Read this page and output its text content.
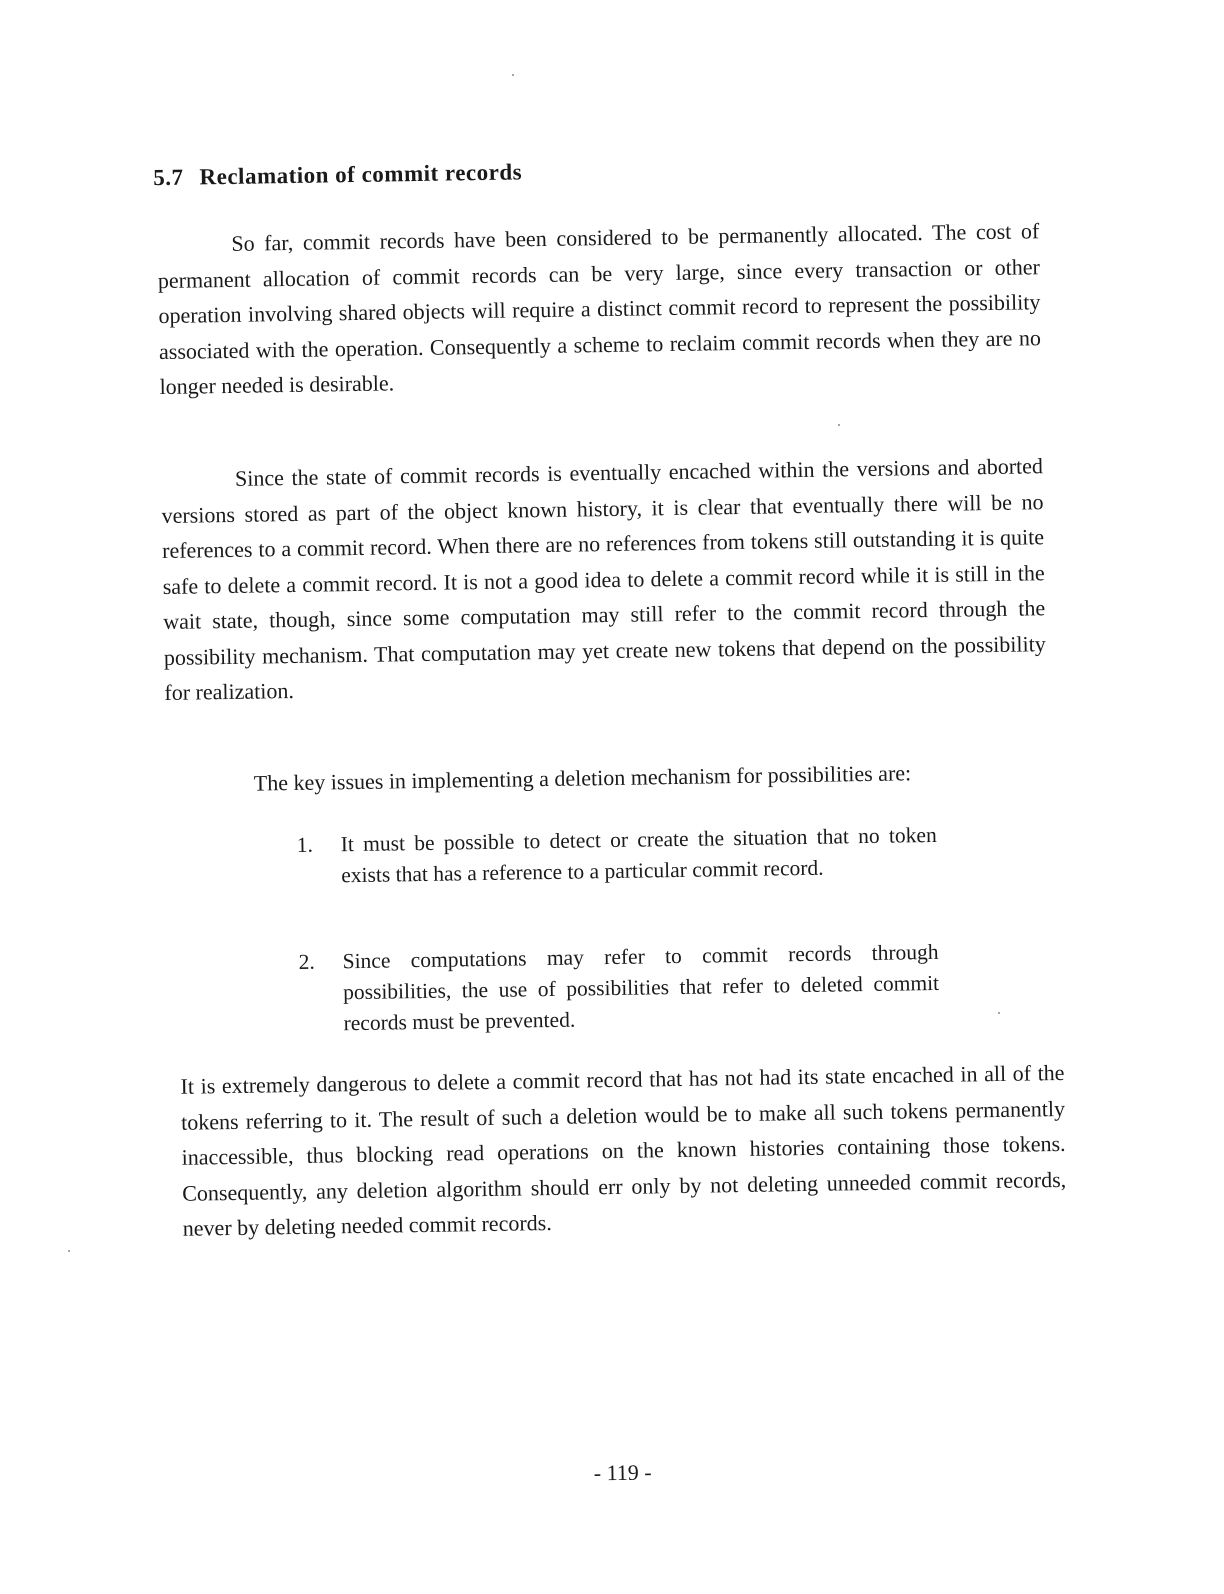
5.7 Reclamation of commit records

So far, commit records have been considered to be permanently allocated. The cost of permanent allocation of commit records can be very large, since every transaction or other operation involving shared objects will require a distinct commit record to represent the possibility associated with the operation. Consequently a scheme to reclaim commit records when they are no longer needed is desirable.

Since the state of commit records is eventually encached within the versions and aborted versions stored as part of the object known history, it is clear that eventually there will be no references to a commit record. When there are no references from tokens still outstanding it is quite safe to delete a commit record. It is not a good idea to delete a commit record while it is still in the wait state, though, since some computation may still refer to the commit record through the possibility mechanism. That computation may yet create new tokens that depend on the possibility for realization.

The key issues in implementing a deletion mechanism for possibilities are:

1.	It must be possible to detect or create the situation that no token exists that has a reference to a particular commit record.
2.	Since computations may refer to commit records through possibilities, the use of possibilities that refer to deleted commit records must be prevented.

It is extremely dangerous to delete a commit record that has not had its state encached in all of the tokens referring to it. The result of such a deletion would be to make all such tokens permanently inaccessible, thus blocking read operations on the known histories containing those tokens. Consequently, any deletion algorithm should err only by not deleting unneeded commit records, never by deleting needed commit records.

- 119 -
